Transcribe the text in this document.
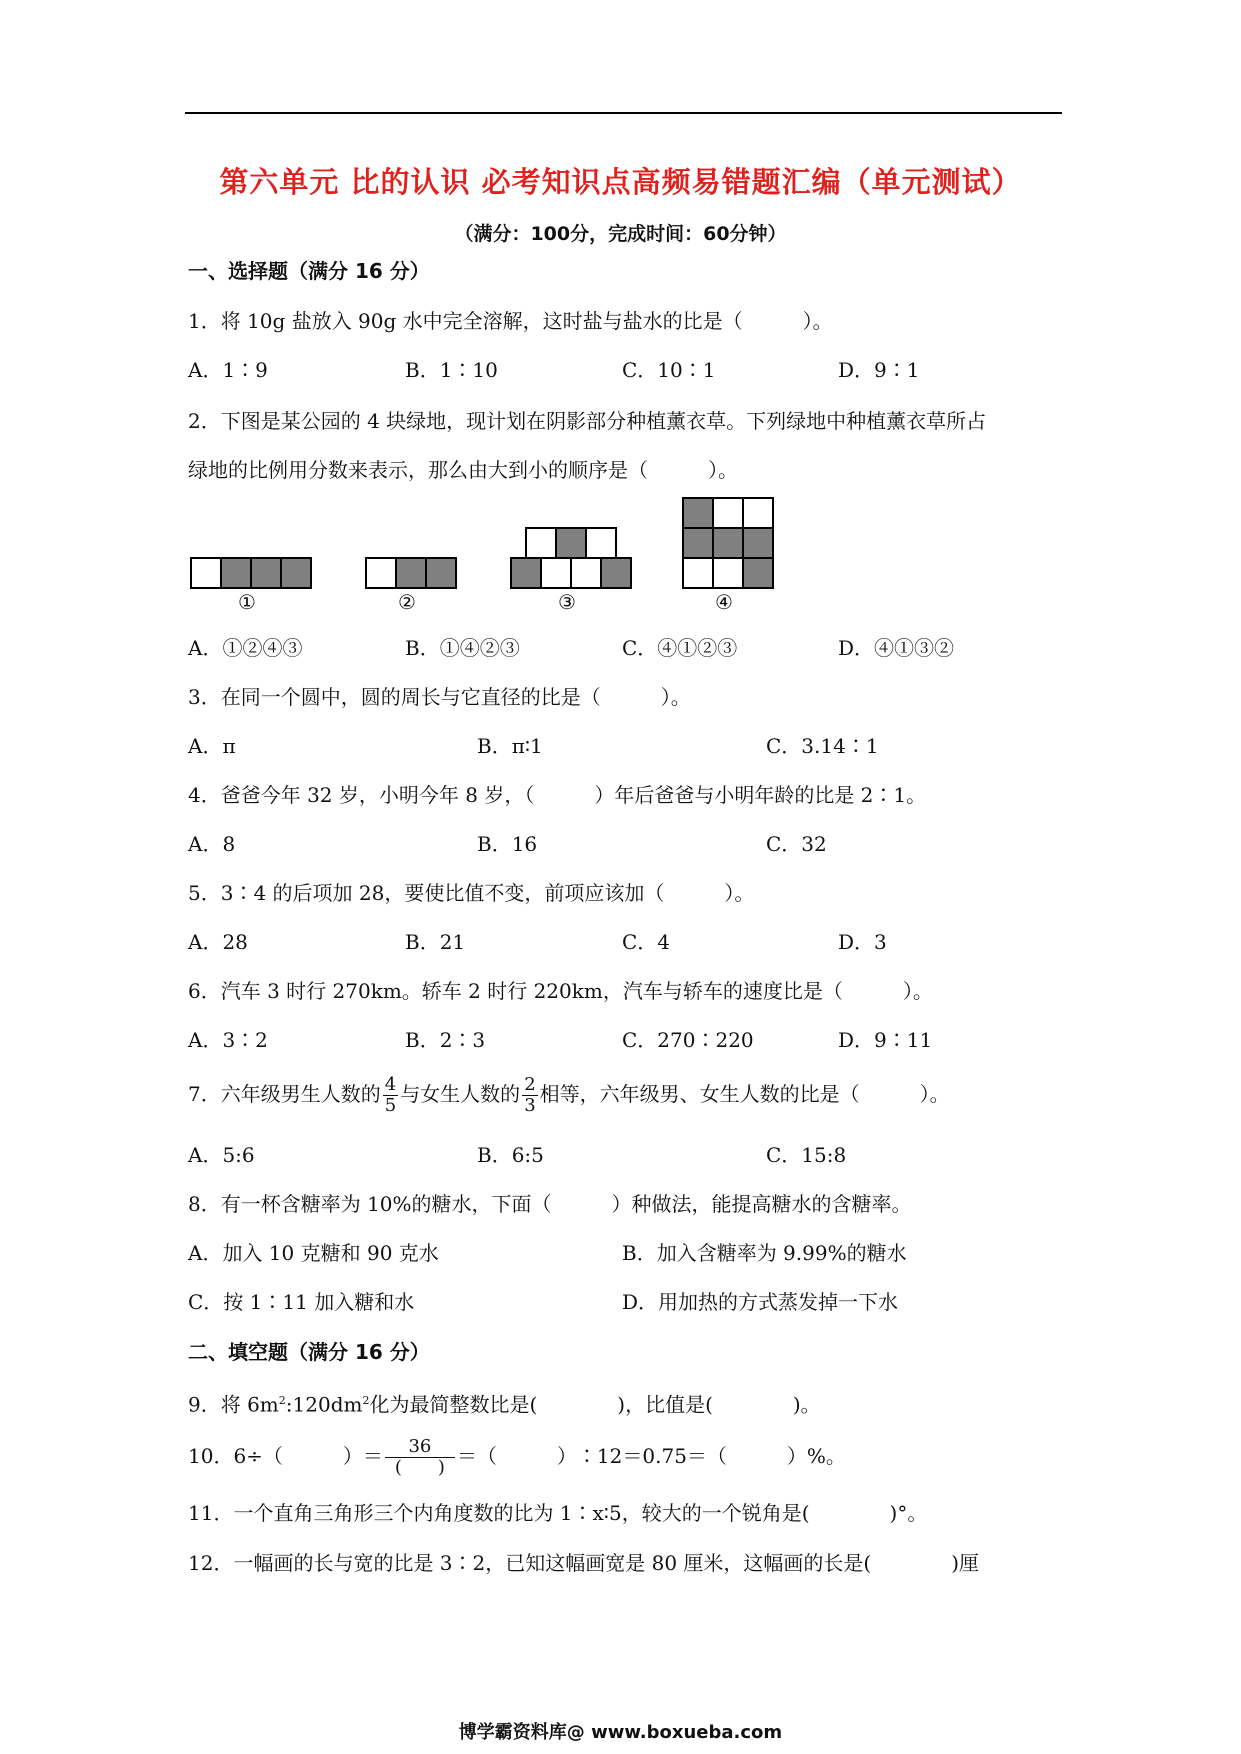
第六单元 比的认识 必考知识点高频易错题汇编（单元测试）
（满分：100分，完成时间：60分钟）
一、选择题（满分 16 分）
1．将 10g 盐放入 90g 水中完全溶解，这时盐与盐水的比是（　　　）。
A．1∶9	B．1∶10	C．10∶1	D．9∶1
2．下图是某公园的 4 块绿地，现计划在阴影部分种植薰衣草。下列绿地中种植薰衣草所占
绿地的比例用分数来表示，那么由大到小的顺序是（　　　）。
①	②	③	④
A．①②④③	B．①④②③	C．④①②③	D．④①③②
3．在同一个圆中，圆的周长与它直径的比是（　　　）。
A．π	B．π∶1	C．3.14∶1
4．爸爸今年 32 岁，小明今年 8 岁，（　　　）年后爸爸与小明年龄的比是 2∶1。
A．8	B．16	C．32
5．3∶4 的后项加 28，要使比值不变，前项应该加（　　　）。
A．28	B．21	C．4	D．3
6．汽车 3 时行 270km。轿车 2 时行 220km，汽车与轿车的速度比是（　　　）。
A．3∶2	B．2∶3	C．270∶220	D．9∶11
7．六年级男生人数的 $\frac{4}{5}$ 与女生人数的 $\frac{2}{3}$ 相等，六年级男、女生人数的比是（　　　）。
A．5:6	B．6:5	C．15:8
8．有一杯含糖率为 10%的糖水，下面（　　　）种做法，能提高糖水的含糖率。
A．加入 10 克糖和 90 克水	B．加入含糖率为 9.99%的糖水
C．按 1∶11 加入糖和水	D．用加热的方式蒸发掉一下水
二、填空题（满分 16 分）
9．将 $6m^2:120dm^2$化为最简整数比是(　　　　)，比值是(　　　　)。
10．6÷（　　　）＝ $\frac{36}{( )}$ ＝（　　　）∶12＝0.75＝（　　　）%。
11．一个直角三角形三个内角度数的比为 1∶x∶5，较大的一个锐角是(　　　　)°。
12．一幅画的长与宽的比是 3∶2，已知这幅画宽是 80 厘米，这幅画的长是(　　　　)厘
博学霸资料库@ www.boxueba.com
